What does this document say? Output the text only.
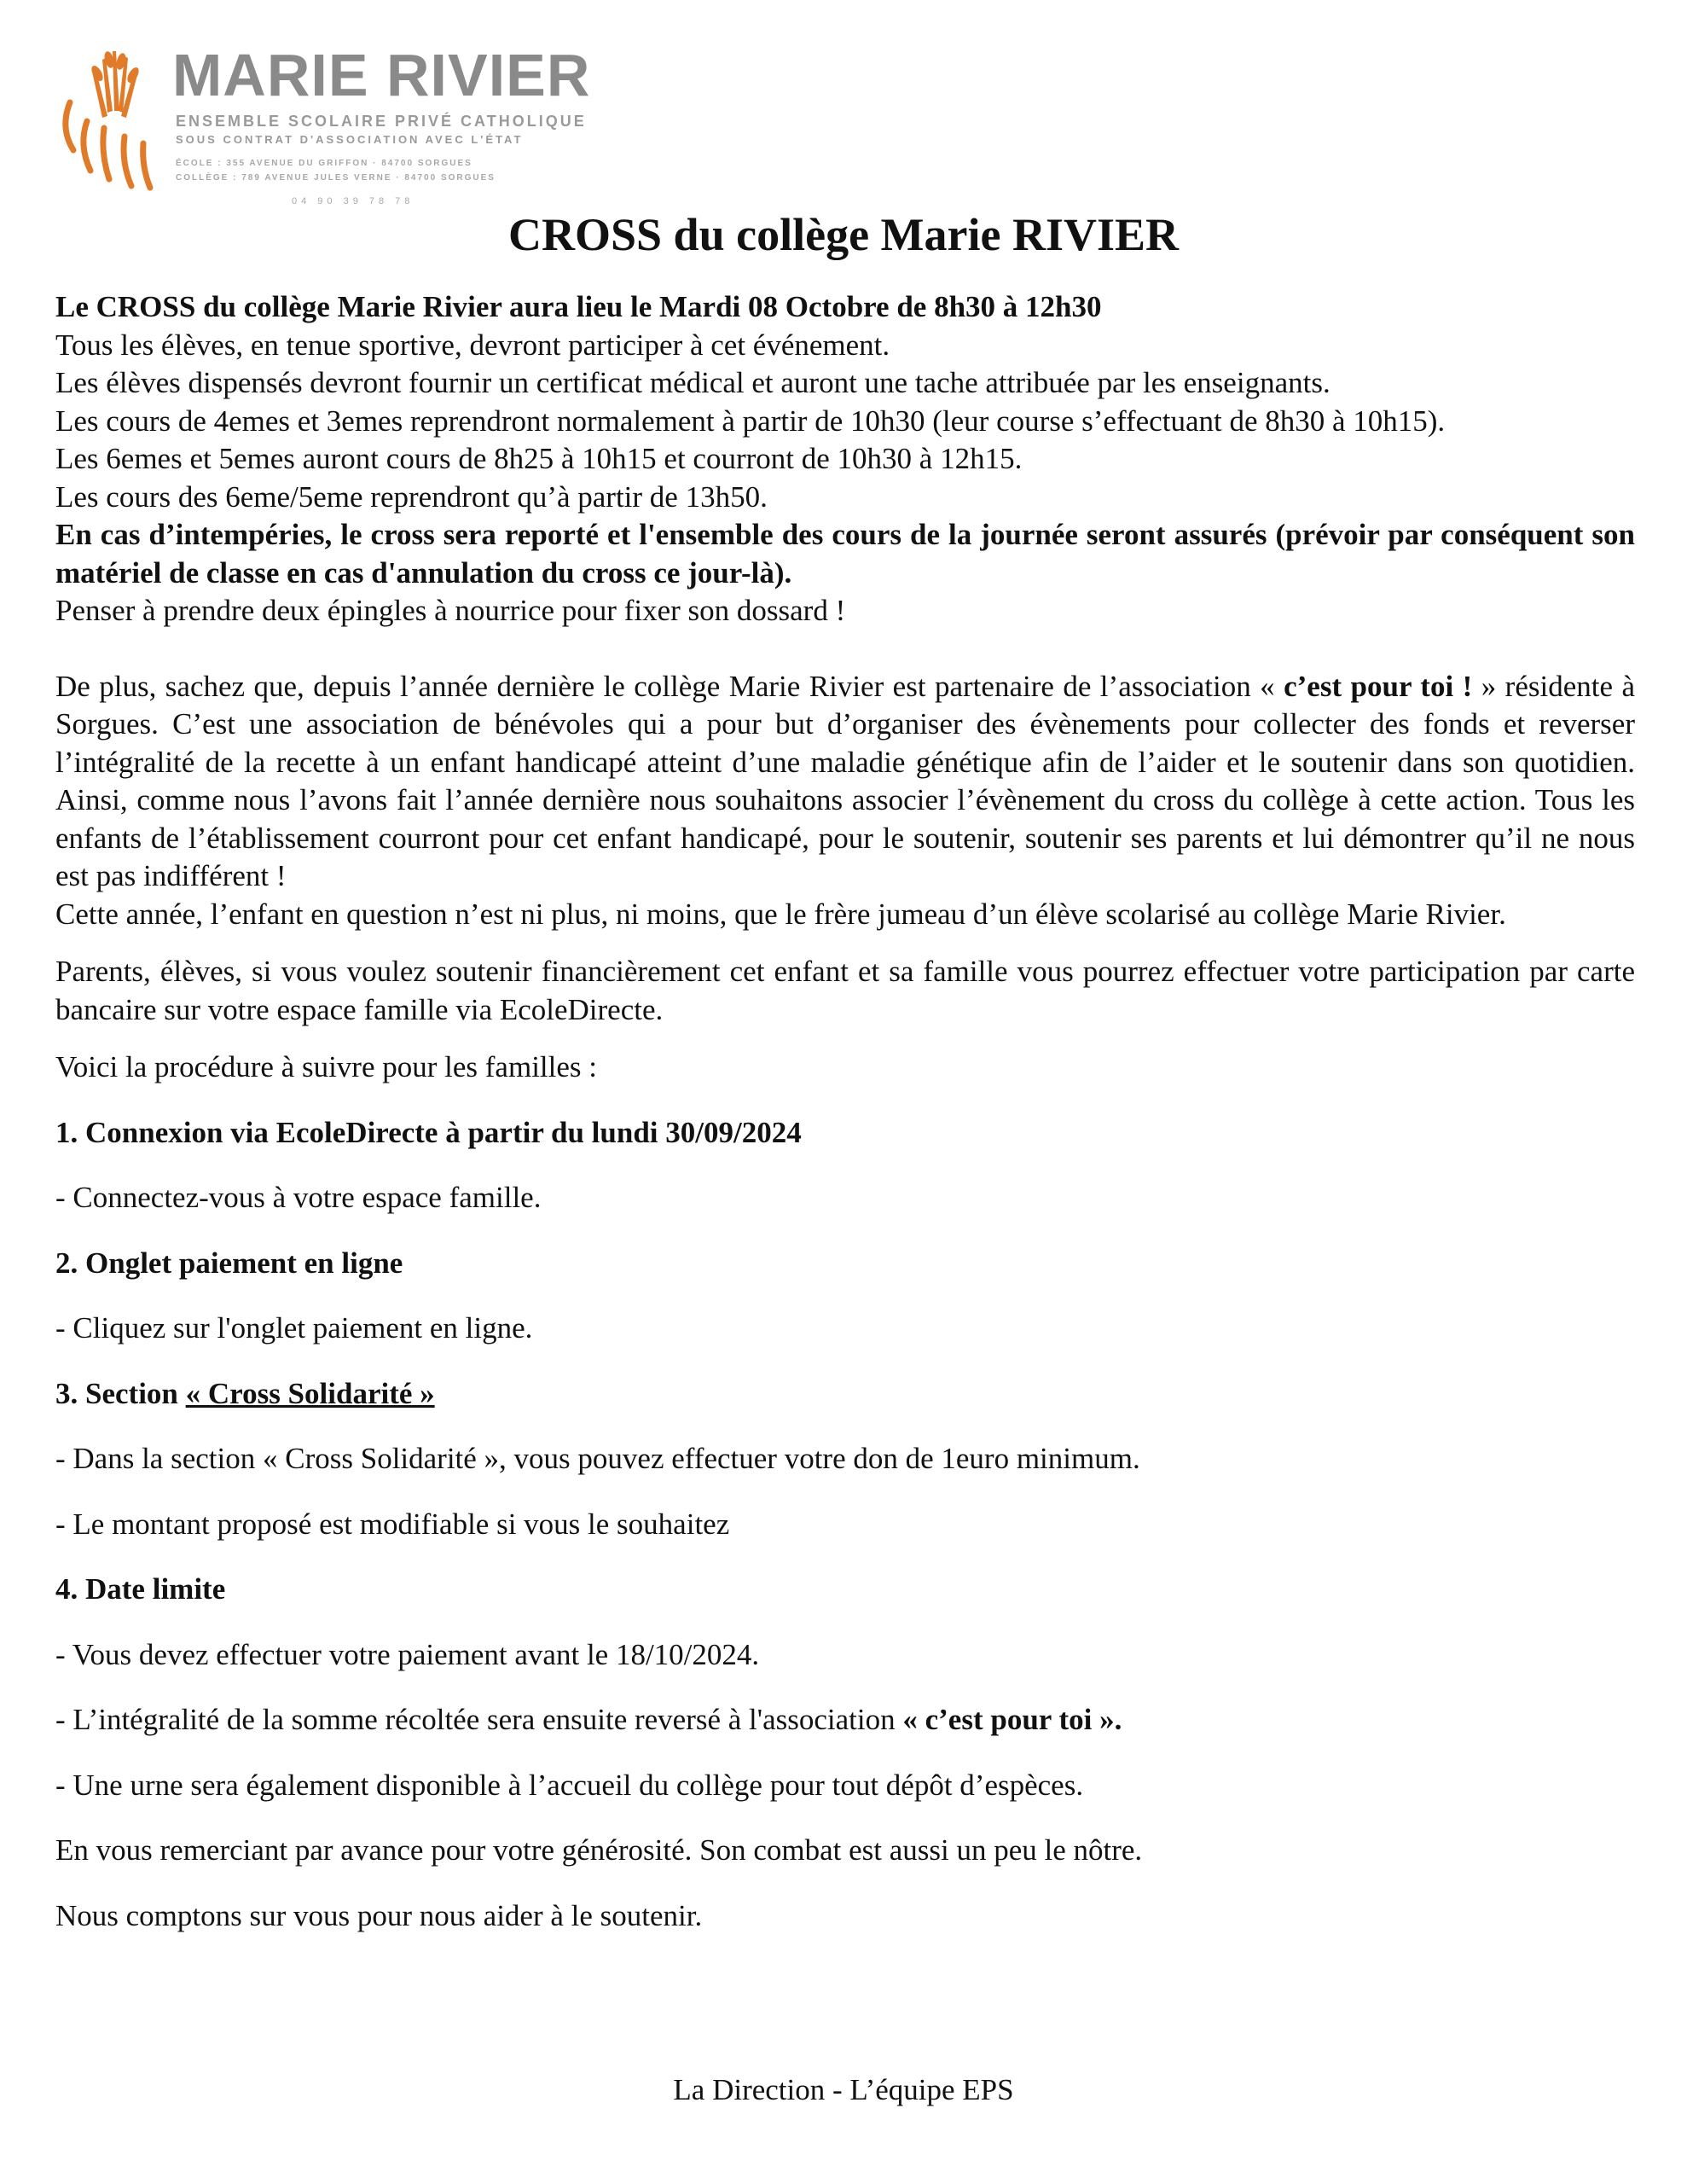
MARIE RIVIER
ENSEMBLE SCOLAIRE PRIVÉ CATHOLIQUE
SOUS CONTRAT D'ASSOCIATION AVEC L'ÉTAT
ÉCOLE : 355 AVENUE DU GRIFFON · 84700 SORGUES
COLLÈGE : 789 AVENUE JULES VERNE · 84700 SORGUES
04 90 39 78 78
CROSS du collège Marie RIVIER

Le CROSS du collège Marie Rivier aura lieu le Mardi 08 Octobre de 8h30 à 12h30

Tous les élèves, en tenue sportive, devront participer à cet événement.

Les élèves dispensés devront fournir un certificat médical et auront une tache attribuée par les enseignants.

Les cours de 4emes et 3emes reprendront normalement à partir de 10h30 (leur course s’effectuant de 8h30 à 10h15).

Les 6emes et 5emes auront cours de 8h25 à 10h15 et courront de 10h30 à 12h15.

Les cours des 6eme/5eme reprendront qu’à partir de 13h50.

En cas d’intempéries, le cross sera reporté et l'ensemble des cours de la journée seront assurés (prévoir par conséquent son matériel de classe en cas d'annulation du cross ce jour-là).

Penser à prendre deux épingles à nourrice pour fixer son dossard !

De plus, sachez que, depuis l’année dernière le collège Marie Rivier est partenaire de l’association « c’est pour toi ! » résidente à Sorgues. C’est une association de bénévoles qui a pour but d’organiser des évènements pour collecter des fonds et reverser l’intégralité de la recette à un enfant handicapé atteint d’une maladie génétique afin de l’aider et le soutenir dans son quotidien. Ainsi, comme nous l’avons fait l’année dernière nous souhaitons associer l’évènement du cross du collège à cette action. Tous les enfants de l’établissement courront pour cet enfant handicapé, pour le soutenir, soutenir ses parents et lui démontrer qu’il ne nous est pas indifférent !

Cette année, l’enfant en question n’est ni plus, ni moins, que le frère jumeau d’un élève scolarisé au collège Marie Rivier.

Parents, élèves, si vous voulez soutenir financièrement cet enfant et sa famille vous pourrez effectuer votre participation par carte bancaire sur votre espace famille via EcoleDirecte.

Voici la procédure à suivre pour les familles :

1. Connexion via EcoleDirecte à partir du lundi 30/09/2024

- Connectez-vous à votre espace famille.

2. Onglet paiement en ligne

- Cliquez sur l'onglet paiement en ligne.

3. Section « Cross Solidarité »

- Dans la section « Cross Solidarité », vous pouvez effectuer votre don de 1euro minimum.

- Le montant proposé est modifiable si vous le souhaitez

4. Date limite

- Vous devez effectuer votre paiement avant le 18/10/2024.

- L’intégralité de la somme récoltée sera ensuite reversé à l'association « c’est pour toi ».

- Une urne sera également disponible à l’accueil du collège pour tout dépôt d’espèces.

En vous remerciant par avance pour votre générosité. Son combat est aussi un peu le nôtre.

Nous comptons sur vous pour nous aider à le soutenir.

La Direction - L’équipe EPS
